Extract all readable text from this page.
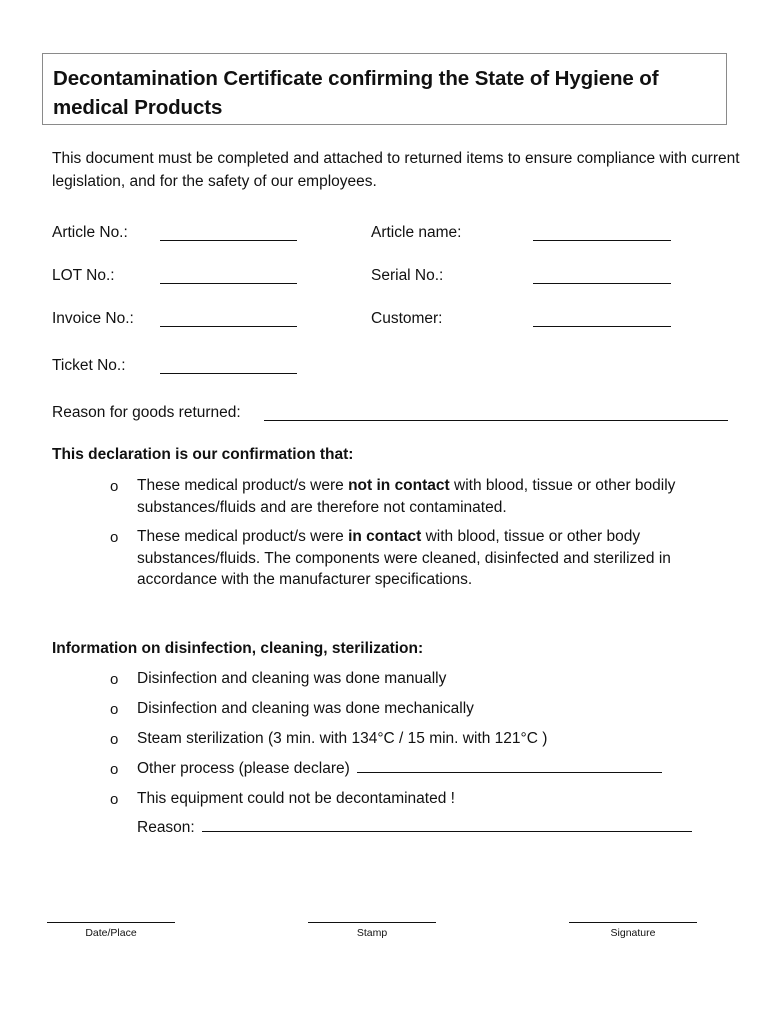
Decontamination Certificate confirming the State of Hygiene of medical Products

This document must be completed and attached to returned items to ensure compliance with current legislation, and for the safety of our employees.

Article No.:	Article name:
LOT No.:	Serial No.:
Invoice No.:	Customer:
Ticket No.:
Reason for goods returned:

This declaration is our confirmation that:

o These medical product/s were not in contact with blood, tissue or other bodily substances/fluids and are therefore not contaminated.
o These medical product/s were in contact with blood, tissue or other body substances/fluids. The components were cleaned, disinfected and sterilized in accordance with the manufacturer specifications.

Information on disinfection, cleaning, sterilization:

o Disinfection and cleaning was done manually
o Disinfection and cleaning was done mechanically
o Steam sterilization (3 min. with 134°C / 15 min. with 121°C )
o Other process (please declare)
o This equipment could not be decontaminated !
Reason:
Date/Place	Stamp	Signature
